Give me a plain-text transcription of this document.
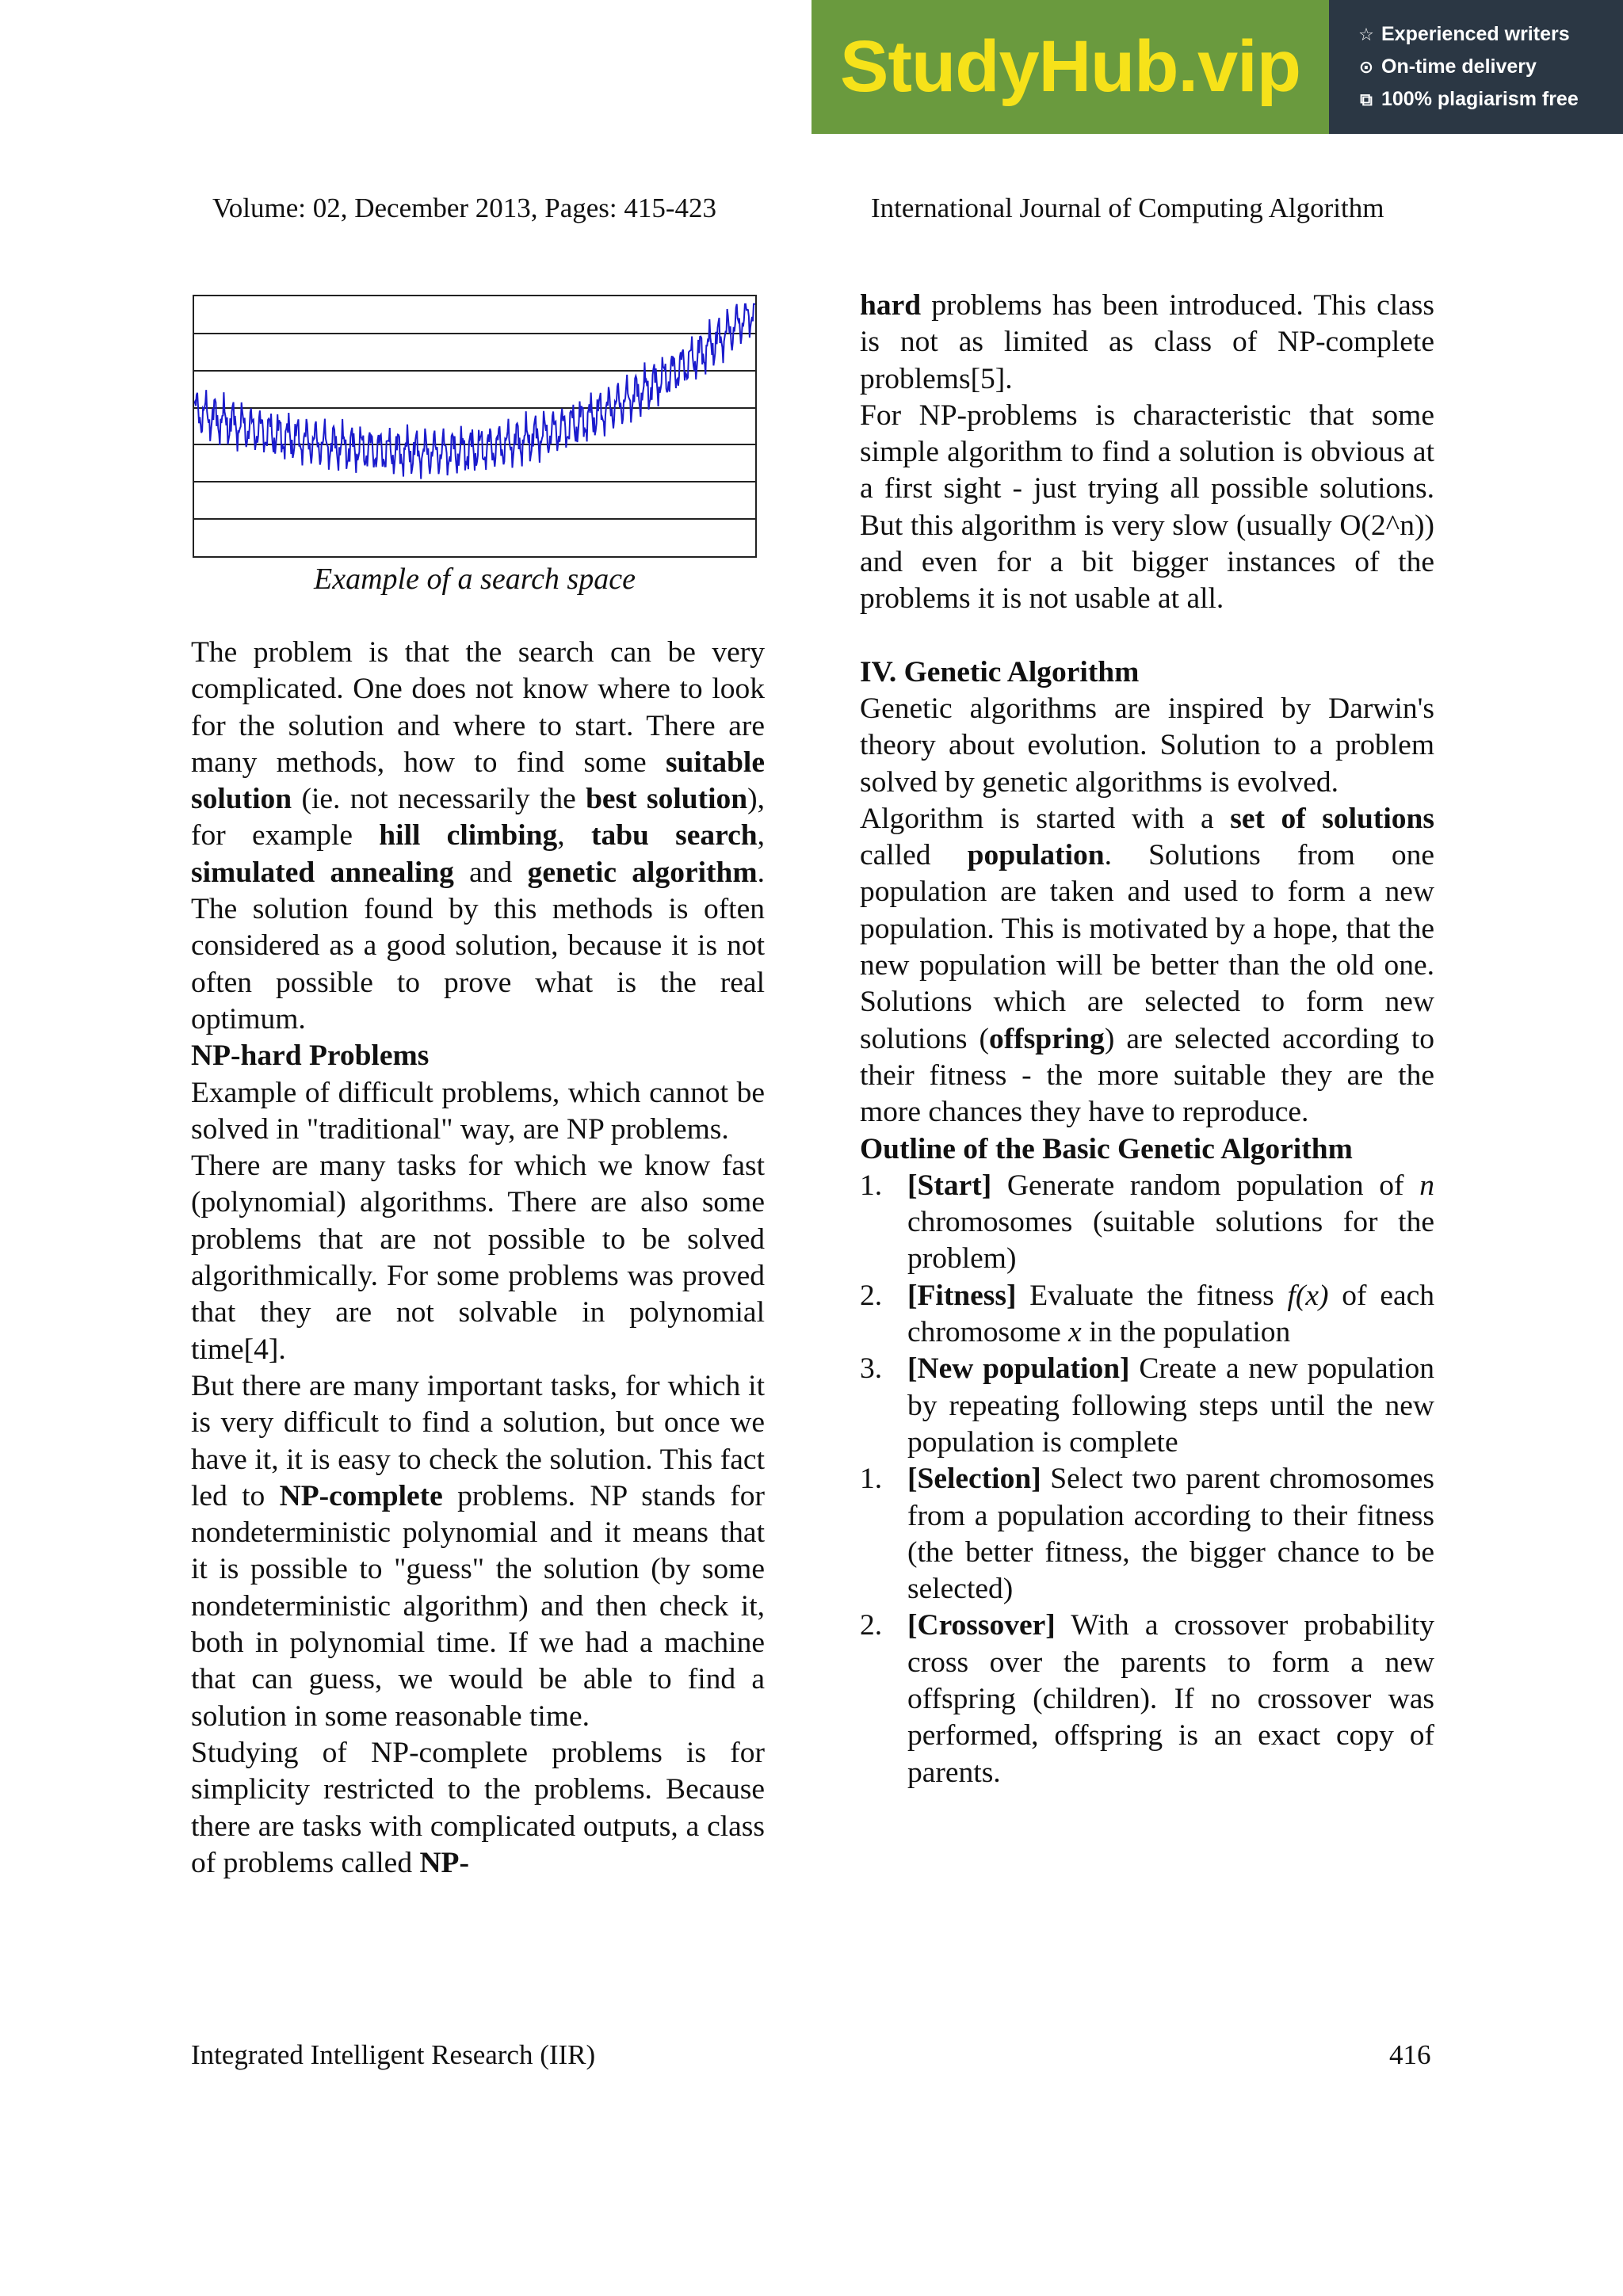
StudyHub.vip	☆ Experienced writers
⊙ On-time delivery
⧉ 100% plagiarism free
Volume: 02, December 2013, Pages: 415-423	International Journal of Computing Algorithm
Example of a search space

The problem is that the search can be very complicated. One does not know where to look for the solution and where to start. There are many methods, how to find some suitable solution (ie. not necessarily the best solution), for example hill climbing, tabu search, simulated annealing and genetic algorithm. The solution found by this methods is often considered as a good solution, because it is not often possible to prove what is the real optimum.

NP-hard Problems

Example of difficult problems, which cannot be solved in "traditional" way, are NP problems.

There are many tasks for which we know fast (polynomial) algorithms. There are also some problems that are not possible to be solved algorithmically. For some problems was proved that they are not solvable in polynomial time[4].

But there are many important tasks, for which it is very difficult to find a solution, but once we have it, it is easy to check the solution. This fact led to NP-complete problems. NP stands for nondeterministic polynomial and it means that it is possible to "guess" the solution (by some nondeterministic algorithm) and then check it, both in polynomial time. If we had a machine that can guess, we would be able to find a solution in some reasonable time.

Studying of NP-complete problems is for simplicity restricted to the problems. Because there are tasks with complicated outputs, a class of problems called NP-

hard problems has been introduced. This class is not as limited as class of NP-complete problems[5].

For NP-problems is characteristic that some simple algorithm to find a solution is obvious at a first sight - just trying all possible solutions. But this algorithm is very slow (usually O(2^n)) and even for a bit bigger instances of the problems it is not usable at all.

IV. Genetic Algorithm

Genetic algorithms are inspired by Darwin's theory about evolution. Solution to a problem solved by genetic algorithms is evolved.

Algorithm is started with a set of solutions called population. Solutions from one population are taken and used to form a new population. This is motivated by a hope, that the new population will be better than the old one. Solutions which are selected to form new solutions (offspring) are selected according to their fitness - the more suitable they are the more chances they have to reproduce.

Outline of the Basic Genetic Algorithm
1. [Start] Generate random population of n chromosomes (suitable solutions for the problem)
2. [Fitness] Evaluate the fitness f(x) of each chromosome x in the population
3. [New population] Create a new population by repeating following steps until the new population is complete
1. [Selection] Select two parent chromosomes from a population according to their fitness (the better fitness, the bigger chance to be selected)
2. [Crossover] With a crossover probability cross over the parents to form a new offspring (children). If no crossover was performed, offspring is an exact copy of parents.
Integrated Intelligent Research (IIR)	416
